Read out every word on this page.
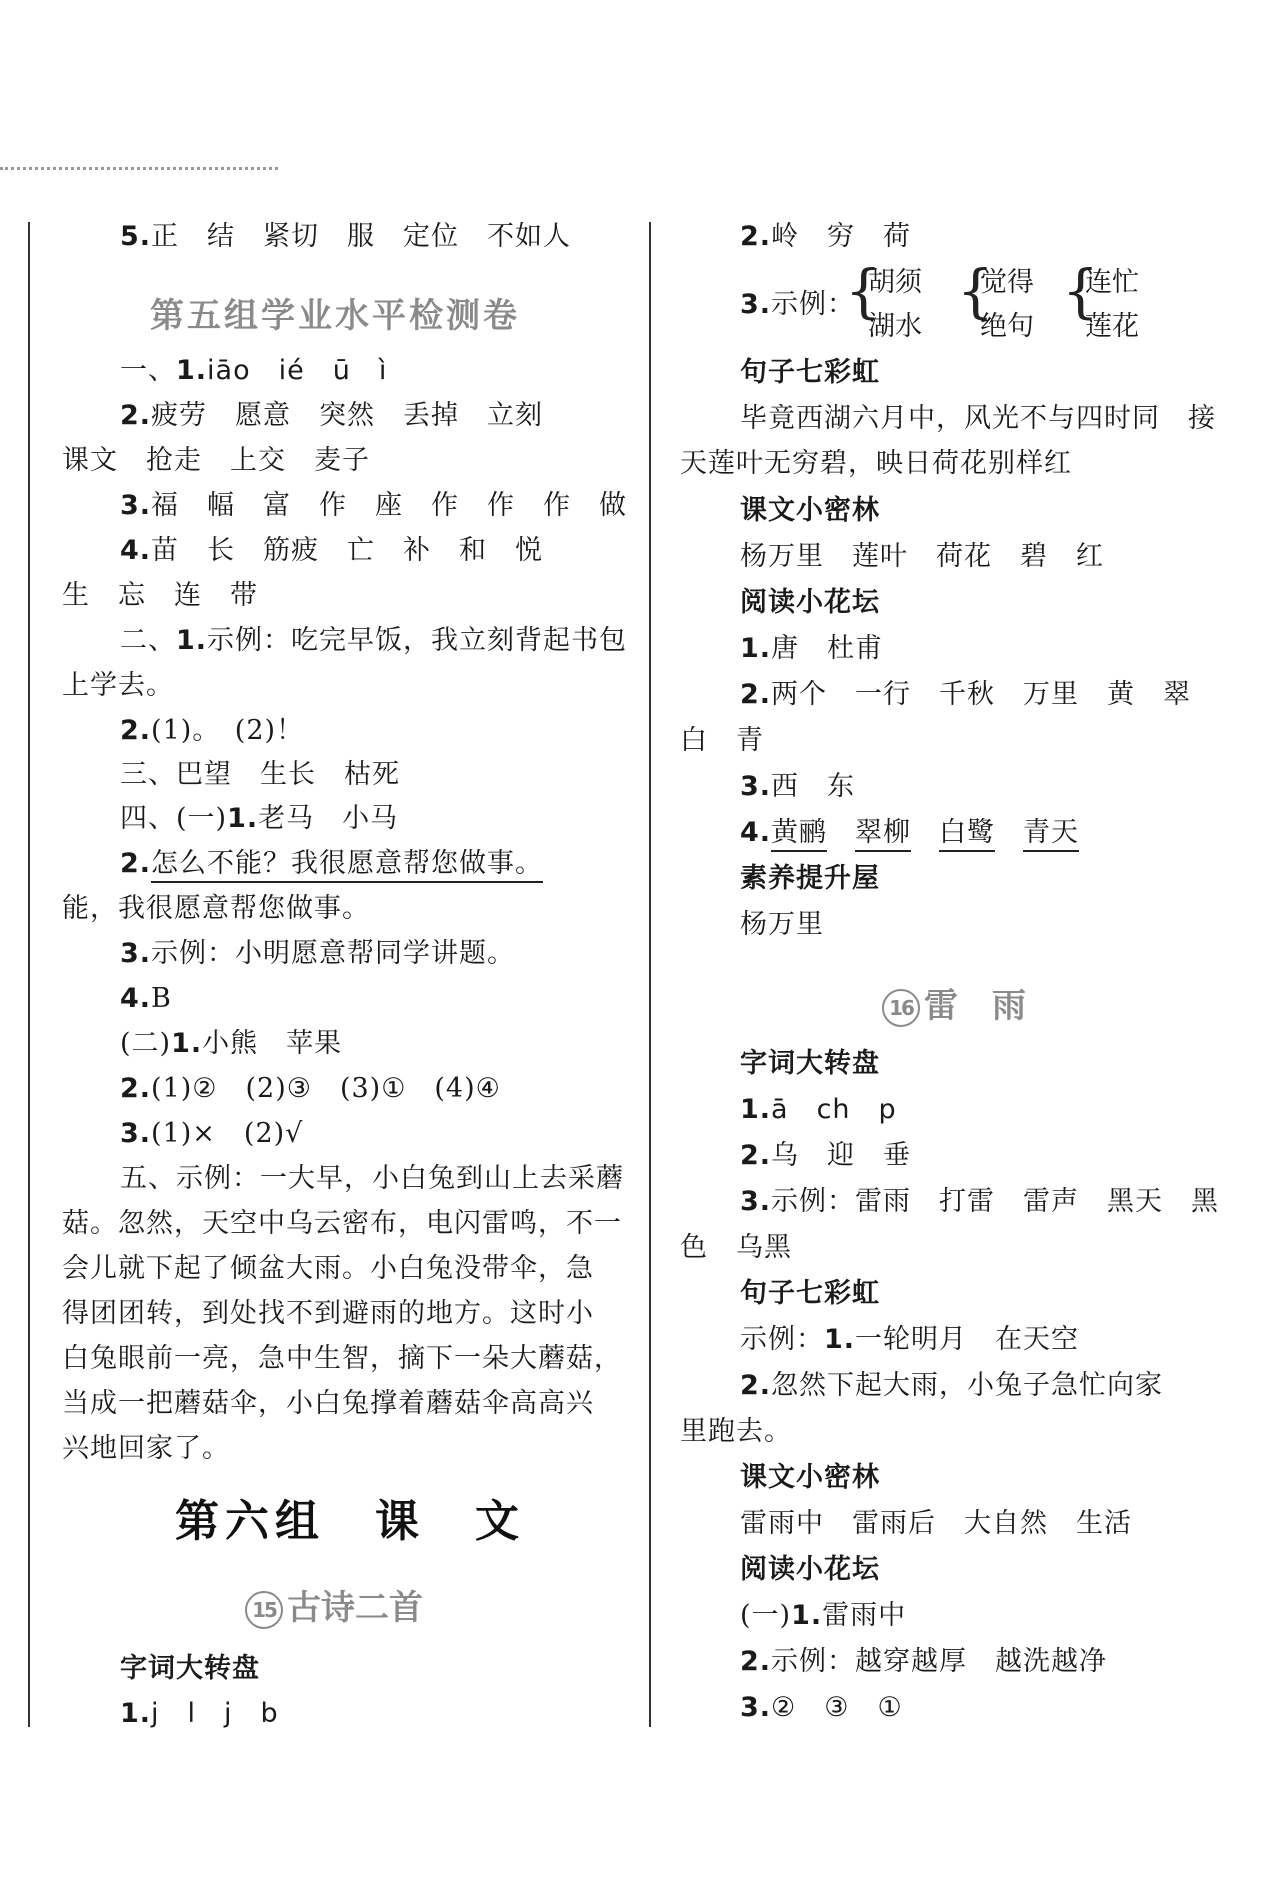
5.正　结　紧切　服　定位　不如人
第五组学业水平检测卷
一、1.iāo　ié　ū　ì
2.疲劳　愿意　突然　丢掉　立刻
课文　抢走　上交　麦子
3.福　幅　富　作　座　作　作　作　做
4.苗　长　筋疲　亡　补　和　悦
生　忘　连　带
二、1.示例：吃完早饭，我立刻背起书包
上学去。
2.(1)。　(2)！
三、巴望　生长　枯死
四、(一)1.老马　小马
2.怎么不能？我很愿意帮您做事。
能，我很愿意帮您做事。
3.示例：小明愿意帮同学讲题。
4.B
(二)1.小熊　苹果
2.(1)②　(2)③　(3)①　(4)④
3.(1)×　(2)√
五、示例：一大早，小白兔到山上去采蘑
菇。忽然，天空中乌云密布，电闪雷鸣，不一
会儿就下起了倾盆大雨。小白兔没带伞，急
得团团转，到处找不到避雨的地方。这时小
白兔眼前一亮，急中生智，摘下一朵大蘑菇，
当成一把蘑菇伞，小白兔撑着蘑菇伞高高兴
兴地回家了。
第六组　课　文
15 古诗二首
字词大转盘
1.j　l　j　b
2.岭　穷　荷
3.示例：
{
胡须
湖水
{
觉得
绝句
{
连忙
莲花
句子七彩虹
毕竟西湖六月中，风光不与四时同　接
天莲叶无穷碧，映日荷花别样红
课文小密林
杨万里　莲叶　荷花　碧　红
阅读小花坛
1.唐　杜甫
2.两个　一行　千秋　万里　黄　翠
白　青
3.西　东
4.黄鹂　 翠柳　 白鹭　 青天
素养提升屋
杨万里
16 雷　雨
字词大转盘
1.ā　ch　p
2.乌　迎　垂
3.示例：雷雨　打雷　雷声　黑天　黑
色　乌黑
句子七彩虹
示例：1.一轮明月　在天空
2.忽然下起大雨，小兔子急忙向家
里跑去。
课文小密林
雷雨中　雷雨后　大自然　生活
阅读小花坛
(一)1.雷雨中
2.示例：越穿越厚　越洗越净
3.②　③　①
